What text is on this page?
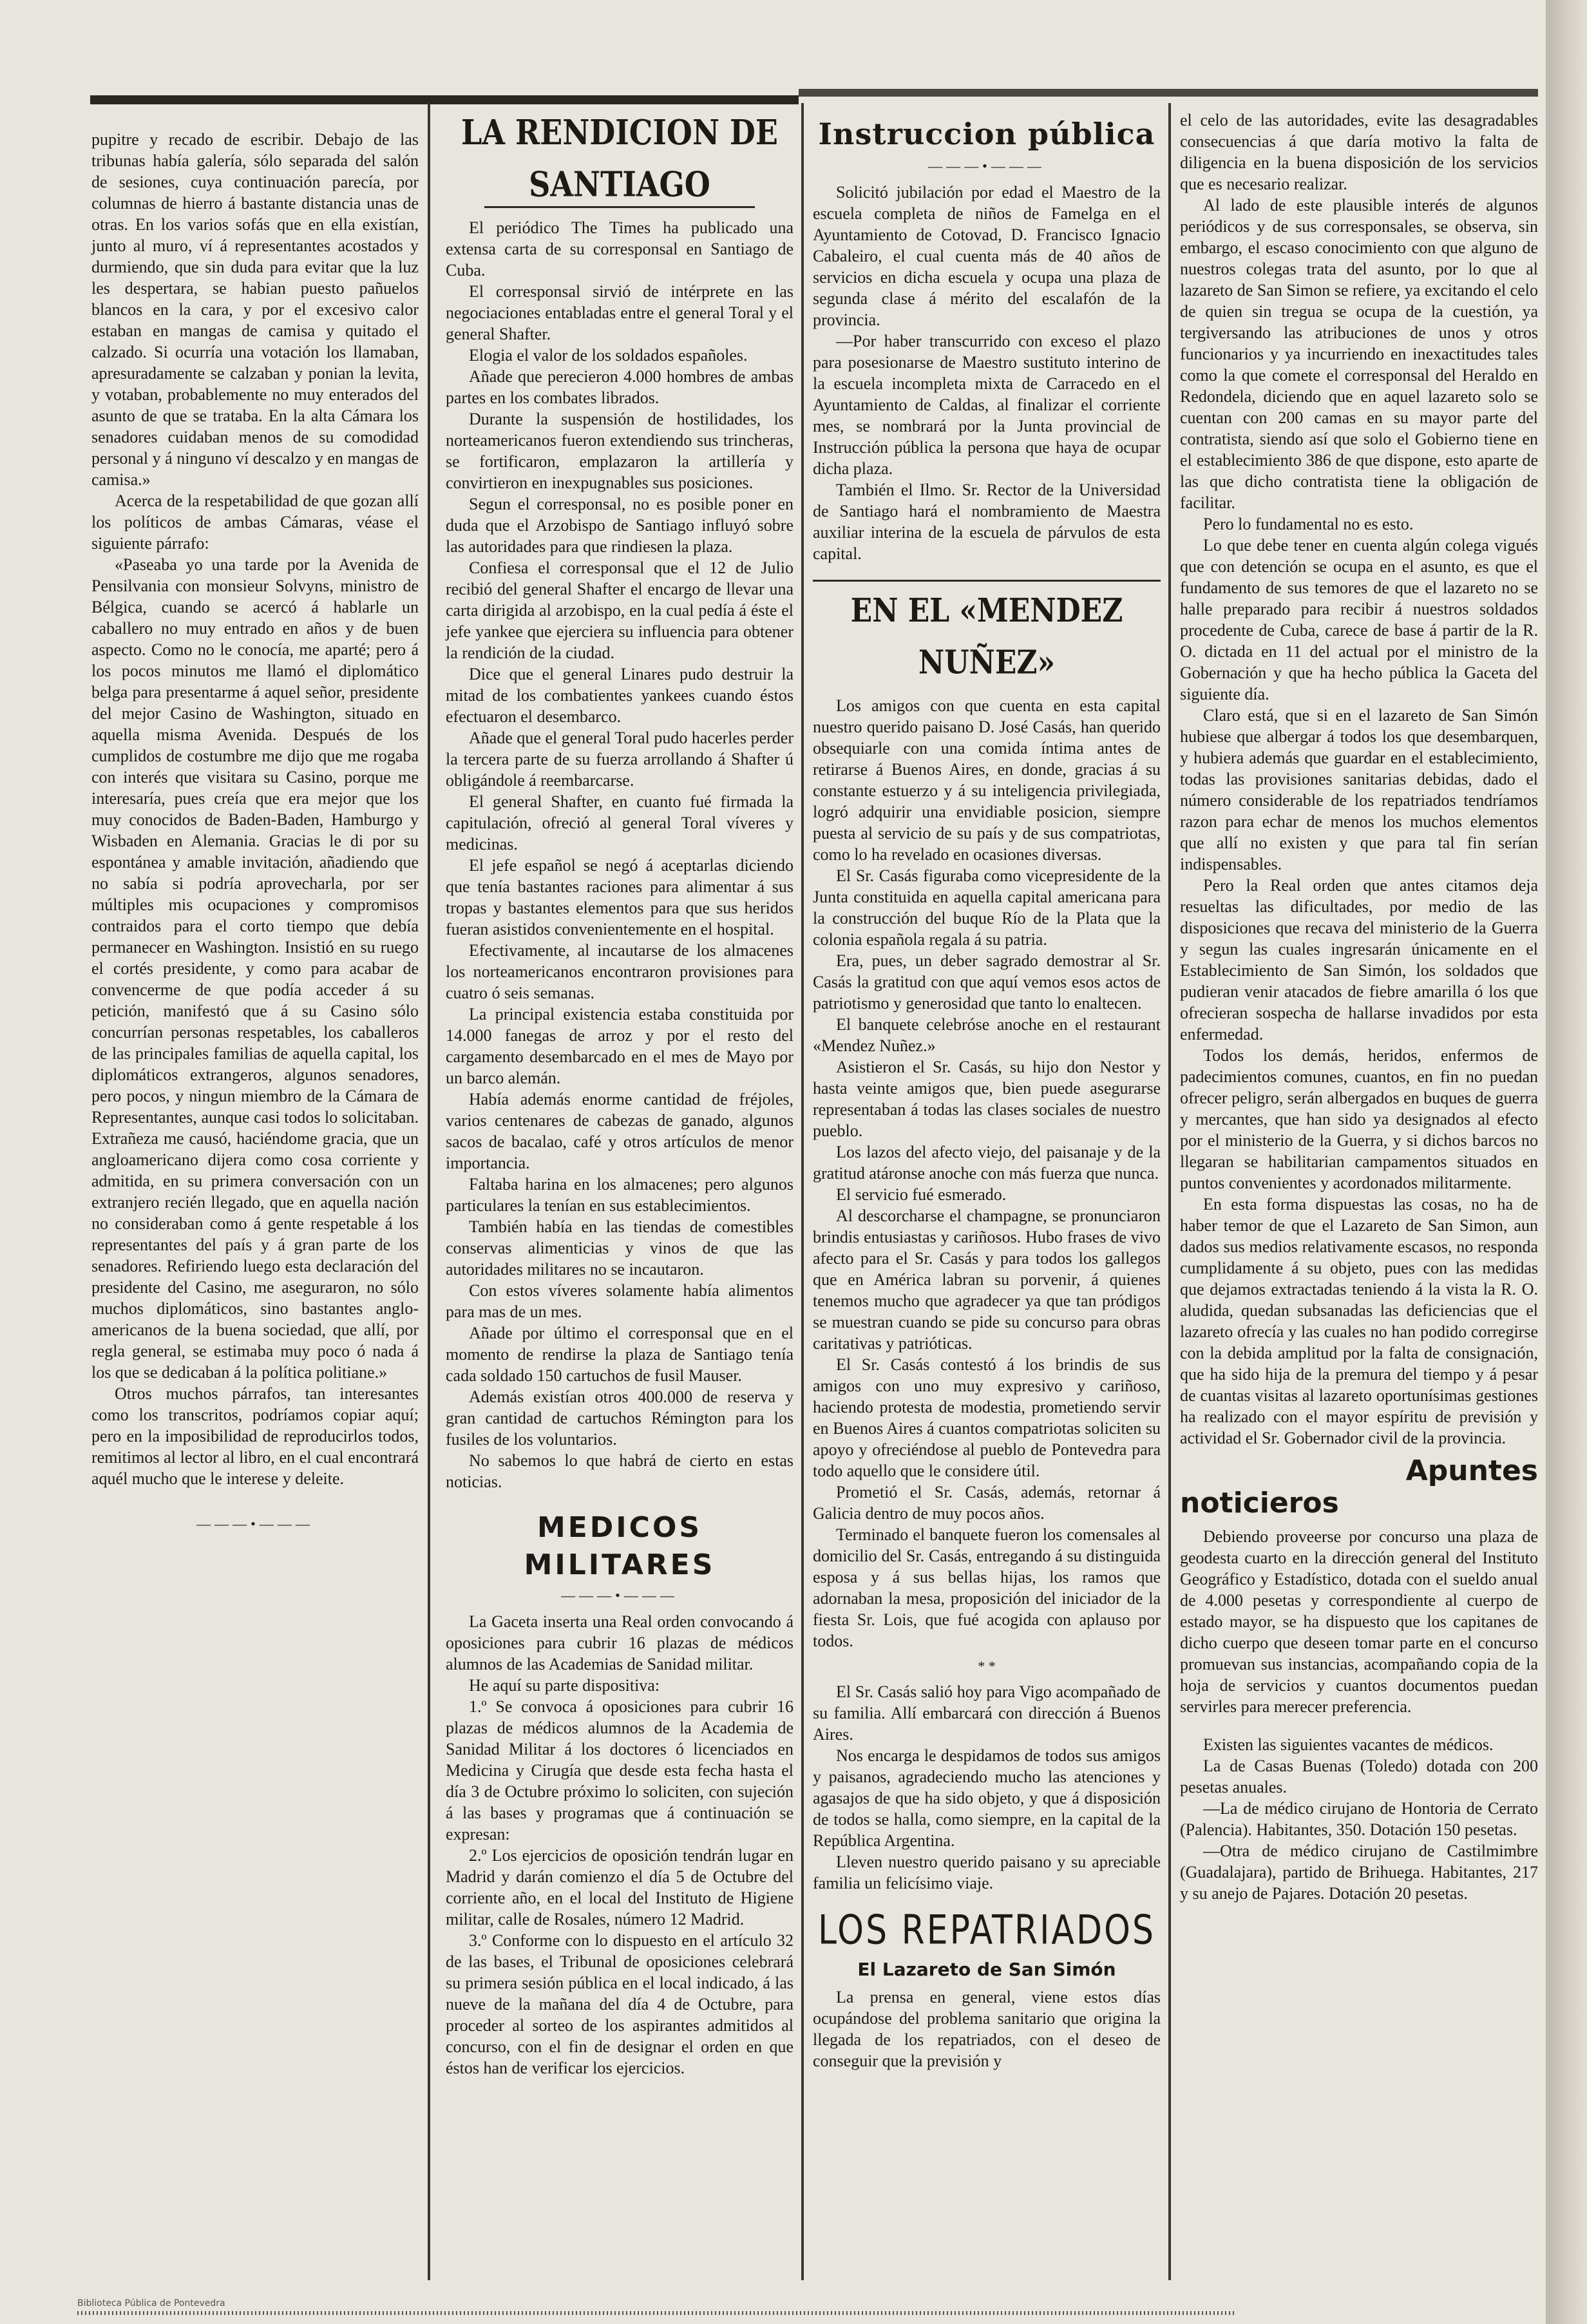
pupitre y recado de escribir. Debajo de las tribunas había galería, sólo separada del salón de sesiones, cuya continuación parecía, por columnas de hierro á bastante distancia unas de otras. En los varios sofás que en ella existían, junto al muro, ví á representantes acostados y durmiendo, que sin duda para evitar que la luz les despertara, se habian puesto pañuelos blancos en la cara, y por el excesivo calor estaban en mangas de camisa y quitado el calzado. Si ocurría una votación los llamaban, apresuradamente se calzaban y ponian la levita, y votaban, probablemente no muy enterados del asunto de que se trataba. En la alta Cámara los senadores cuidaban menos de su comodidad personal y á ninguno ví descalzo y en mangas de camisa.»

Acerca de la respetabilidad de que gozan allí los políticos de ambas Cámaras, véase el siguiente párrafo:

«Paseaba yo una tarde por la Avenida de Pensilvania con monsieur Solvyns, ministro de Bélgica, cuando se acercó á hablarle un caballero no muy entrado en años y de buen aspecto. Como no le conocía, me aparté; pero á los pocos minutos me llamó el diplomático belga para presentarme á aquel señor, presidente del mejor Casino de Washington, situado en aquella misma Avenida. Después de los cumplidos de costumbre me dijo que me rogaba con interés que visitara su Casino, porque me interesaría, pues creía que era mejor que los muy conocidos de Baden-Baden, Hamburgo y Wisbaden en Alemania. Gracias le di por su espontánea y amable invitación, añadiendo que no sabía si podría aprovecharla, por ser múltiples mis ocupaciones y compromisos contraidos para el corto tiempo que debía permanecer en Washington. Insistió en su ruego el cortés presidente, y como para acabar de convencerme de que podía acceder á su petición, manifestó que á su Casino sólo concurrían personas respetables, los caballeros de las principales familias de aquella capital, los diplomáticos extrangeros, algunos senadores, pero pocos, y ningun miembro de la Cámara de Representantes, aunque casi todos lo solicitaban. Extrañeza me causó, haciéndome gracia, que un angloamericano dijera como cosa corriente y admitida, en su primera conversación con un extranjero recién llegado, que en aquella nación no consideraban como á gente respetable á los representantes del país y á gran parte de los senadores. Refiriendo luego esta declaración del presidente del Casino, me aseguraron, no sólo muchos diplomáticos, sino bastantes anglo-americanos de la buena sociedad, que allí, por regla general, se estimaba muy poco ó nada á los que se dedicaban á la política politiane.»

Otros muchos párrafos, tan interesantes como los transcritos, podríamos copiar aquí; pero en la imposibilidad de reproducirlos todos, remitimos al lector al libro, en el cual encontrará aquél mucho que le interese y deleite.

———•———
LA RENDICION DE SANTIAGO

El periódico The Times ha publicado una extensa carta de su corresponsal en Santiago de Cuba.

El corresponsal sirvió de intérprete en las negociaciones entabladas entre el general Toral y el general Shafter.

Elogia el valor de los soldados españoles.

Añade que perecieron 4.000 hombres de ambas partes en los combates librados.

Durante la suspensión de hostilidades, los norteamericanos fueron extendiendo sus trincheras, se fortificaron, emplazaron la artillería y convirtieron en inexpugnables sus posiciones.

Segun el corresponsal, no es posible poner en duda que el Arzobispo de Santiago influyó sobre las autoridades para que rindiesen la plaza.

Confiesa el corresponsal que el 12 de Julio recibió del general Shafter el encargo de llevar una carta dirigida al arzobispo, en la cual pedía á éste el jefe yankee que ejerciera su influencia para obtener la rendición de la ciudad.

Dice que el general Linares pudo destruir la mitad de los combatientes yankees cuando éstos efectuaron el desembarco.

Añade que el general Toral pudo hacerles perder la tercera parte de su fuerza arrollando á Shafter ú obligándole á reembarcarse.

El general Shafter, en cuanto fué firmada la capitulación, ofreció al general Toral víveres y medicinas.

El jefe español se negó á aceptarlas diciendo que tenía bastantes raciones para alimentar á sus tropas y bastantes elementos para que sus heridos fueran asistidos convenientemente en el hospital.

Efectivamente, al incautarse de los almacenes los norteamericanos encontraron provisiones para cuatro ó seis semanas.

La principal existencia estaba constituida por 14.000 fanegas de arroz y por el resto del cargamento desembarcado en el mes de Mayo por un barco alemán.

Había además enorme cantidad de fréjoles, varios centenares de cabezas de ganado, algunos sacos de bacalao, café y otros artículos de menor importancia.

Faltaba harina en los almacenes; pero algunos particulares la tenían en sus establecimientos.

También había en las tiendas de comestibles conservas alimenticias y vinos de que las autoridades militares no se incautaron.

Con estos víveres solamente había alimentos para mas de un mes.

Añade por último el corresponsal que en el momento de rendirse la plaza de Santiago tenía cada soldado 150 cartuchos de fusil Mauser.

Además existían otros 400.000 de reserva y gran cantidad de cartuchos Rémington para los fusiles de los voluntarios.

No sabemos lo que habrá de cierto en estas noticias.

MEDICOS MILITARES
———•———

La Gaceta inserta una Real orden convocando á oposiciones para cubrir 16 plazas de médicos alumnos de las Academias de Sanidad militar.

He aquí su parte dispositiva:

1.º Se convoca á oposiciones para cubrir 16 plazas de médicos alumnos de la Academia de Sanidad Militar á los doctores ó licenciados en Medicina y Cirugía que desde esta fecha hasta el día 3 de Octubre próximo lo soliciten, con sujeción á las bases y programas que á continuación se expresan:

2.º Los ejercicios de oposición tendrán lugar en Madrid y darán comienzo el día 5 de Octubre del corriente año, en el local del Instituto de Higiene militar, calle de Rosales, número 12 Madrid.

3.º Conforme con lo dispuesto en el artículo 32 de las bases, el Tribunal de oposiciones celebrará su primera sesión pública en el local indicado, á las nueve de la mañana del día 4 de Octubre, para proceder al sorteo de los aspirantes admitidos al concurso, con el fin de designar el orden en que éstos han de verificar los ejercicios.

Instruccion pública
———•———

Solicitó jubilación por edad el Maestro de la escuela completa de niños de Famelga en el Ayuntamiento de Cotovad, D. Francisco Ignacio Cabaleiro, el cual cuenta más de 40 años de servicios en dicha escuela y ocupa una plaza de segunda clase á mérito del escalafón de la provincia.

—Por haber transcurrido con exceso el plazo para posesionarse de Maestro sustituto interino de la escuela incompleta mixta de Carracedo en el Ayuntamiento de Caldas, al finalizar el corriente mes, se nombrará por la Junta provincial de Instrucción pública la persona que haya de ocupar dicha plaza.

También el Ilmo. Sr. Rector de la Universidad de Santiago hará el nombramiento de Maestra auxiliar interina de la escuela de párvulos de esta capital.

EN EL «MENDEZ NUÑEZ»

Los amigos con que cuenta en esta capital nuestro querido paisano D. José Casás, han querido obsequiarle con una comida íntima antes de retirarse á Buenos Aires, en donde, gracias á su constante estuerzo y á su inteligencia privilegiada, logró adquirir una envidiable posicion, siempre puesta al servicio de su país y de sus compatriotas, como lo ha revelado en ocasiones diversas.

El Sr. Casás figuraba como vicepresidente de la Junta constituida en aquella capital americana para la construcción del buque Río de la Plata que la colonia española regala á su patria.

Era, pues, un deber sagrado demostrar al Sr. Casás la gratitud con que aquí vemos esos actos de patriotismo y generosidad que tanto lo enaltecen.

El banquete celebróse anoche en el restaurant «Mendez Nuñez.»

Asistieron el Sr. Casás, su hijo don Nestor y hasta veinte amigos que, bien puede asegurarse representaban á todas las clases sociales de nuestro pueblo.

Los lazos del afecto viejo, del paisanaje y de la gratitud atáronse anoche con más fuerza que nunca.

El servicio fué esmerado.

Al descorcharse el champagne, se pronunciaron brindis entusiastas y cariñosos. Hubo frases de vivo afecto para el Sr. Casás y para todos los gallegos que en América labran su porvenir, á quienes tenemos mucho que agradecer ya que tan pródigos se muestran cuando se pide su concurso para obras caritativas y patrióticas.

El Sr. Casás contestó á los brindis de sus amigos con uno muy expresivo y cariñoso, haciendo protesta de modestia, prometiendo servir en Buenos Aires á cuantos compatriotas soliciten su apoyo y ofreciéndose al pueblo de Pontevedra para todo aquello que le considere útil.

Prometió el Sr. Casás, además, retornar á Galicia dentro de muy pocos años.

Terminado el banquete fueron los comensales al domicilio del Sr. Casás, entregando á su distinguida esposa y á sus bellas hijas, los ramos que adornaban la mesa, proposición del iniciador de la fiesta Sr. Lois, que fué acogida con aplauso por todos.

* *

El Sr. Casás salió hoy para Vigo acompañado de su familia. Allí embarcará con dirección á Buenos Aires.

Nos encarga le despidamos de todos sus amigos y paisanos, agradeciendo mucho las atenciones y agasajos de que ha sido objeto, y que á disposición de todos se halla, como siempre, en la capital de la República Argentina.

Lleven nuestro querido paisano y su apreciable familia un felicísimo viaje.

LOS REPATRIADOS
El Lazareto de San Simón

La prensa en general, viene estos días ocupándose del problema sanitario que origina la llegada de los repatriados, con el deseo de conseguir que la previsión y

el celo de las autoridades, evite las desagradables consecuencias á que daría motivo la falta de diligencia en la buena disposición de los servicios que es necesario realizar.

Al lado de este plausible interés de algunos periódicos y de sus corresponsales, se observa, sin embargo, el escaso conocimiento con que alguno de nuestros colegas trata del asunto, por lo que al lazareto de San Simon se refiere, ya excitando el celo de quien sin tregua se ocupa de la cuestión, ya tergiversando las atribuciones de unos y otros funcionarios y ya incurriendo en inexactitudes tales como la que comete el corresponsal del Heraldo en Redondela, diciendo que en aquel lazareto solo se cuentan con 200 camas en su mayor parte del contratista, siendo así que solo el Gobierno tiene en el establecimiento 386 de que dispone, esto aparte de las que dicho contratista tiene la obligación de facilitar.

Pero lo fundamental no es esto.

Lo que debe tener en cuenta algún colega vigués que con detención se ocupa en el asunto, es que el fundamento de sus temores de que el lazareto no se halle preparado para recibir á nuestros soldados procedente de Cuba, carece de base á partir de la R. O. dictada en 11 del actual por el ministro de la Gobernación y que ha hecho pública la Gaceta del siguiente día.

Claro está, que si en el lazareto de San Simón hubiese que albergar á todos los que desembarquen, y hubiera además que guardar en el establecimiento, todas las provisiones sanitarias debidas, dado el número considerable de los repatriados tendríamos razon para echar de menos los muchos elementos que allí no existen y que para tal fin serían indispensables.

Pero la Real orden que antes citamos deja resueltas las dificultades, por medio de las disposiciones que recava del ministerio de la Guerra y segun las cuales ingresarán únicamente en el Establecimiento de San Simón, los soldados que pudieran venir atacados de fiebre amarilla ó los que ofrecieran sospecha de hallarse invadidos por esta enfermedad.

Todos los demás, heridos, enfermos de padecimientos comunes, cuantos, en fin no puedan ofrecer peligro, serán albergados en buques de guerra y mercantes, que han sido ya designados al efecto por el ministerio de la Guerra, y si dichos barcos no llegaran se habilitarian campamentos situados en puntos convenientes y acordonados militarmente.

En esta forma dispuestas las cosas, no ha de haber temor de que el Lazareto de San Simon, aun dados sus medios relativamente escasos, no responda cumplidamente á su objeto, pues con las medidas que dejamos extractadas teniendo á la vista la R. O. aludida, quedan subsanadas las deficiencias que el lazareto ofrecía y las cuales no han podido corregirse con la debida amplitud por la falta de consignación, que ha sido hija de la premura del tiempo y á pesar de cuantas visitas al lazareto oportunísimas gestiones ha realizado con el mayor espíritu de previsión y actividad el Sr. Gobernador civil de la provincia.

Apuntes
noticieros

Debiendo proveerse por concurso una plaza de geodesta cuarto en la dirección general del Instituto Geográfico y Estadístico, dotada con el sueldo anual de 4.000 pesetas y correspondiente al cuerpo de estado mayor, se ha dispuesto que los capitanes de dicho cuerpo que deseen tomar parte en el concurso promuevan sus instancias, acompañando copia de la hoja de servicios y cuantos documentos puedan servirles para merecer preferencia.

Existen las siguientes vacantes de médicos.

La de Casas Buenas (Toledo) dotada con 200 pesetas anuales.

—La de médico cirujano de Hontoria de Cerrato (Palencia). Habitantes, 350. Dotación 150 pesetas.

—Otra de médico cirujano de Castilmimbre (Guadalajara), partido de Brihuega. Habitantes, 217 y su anejo de Pajares. Dotación 20 pesetas.

Biblioteca Pública de Pontevedra
